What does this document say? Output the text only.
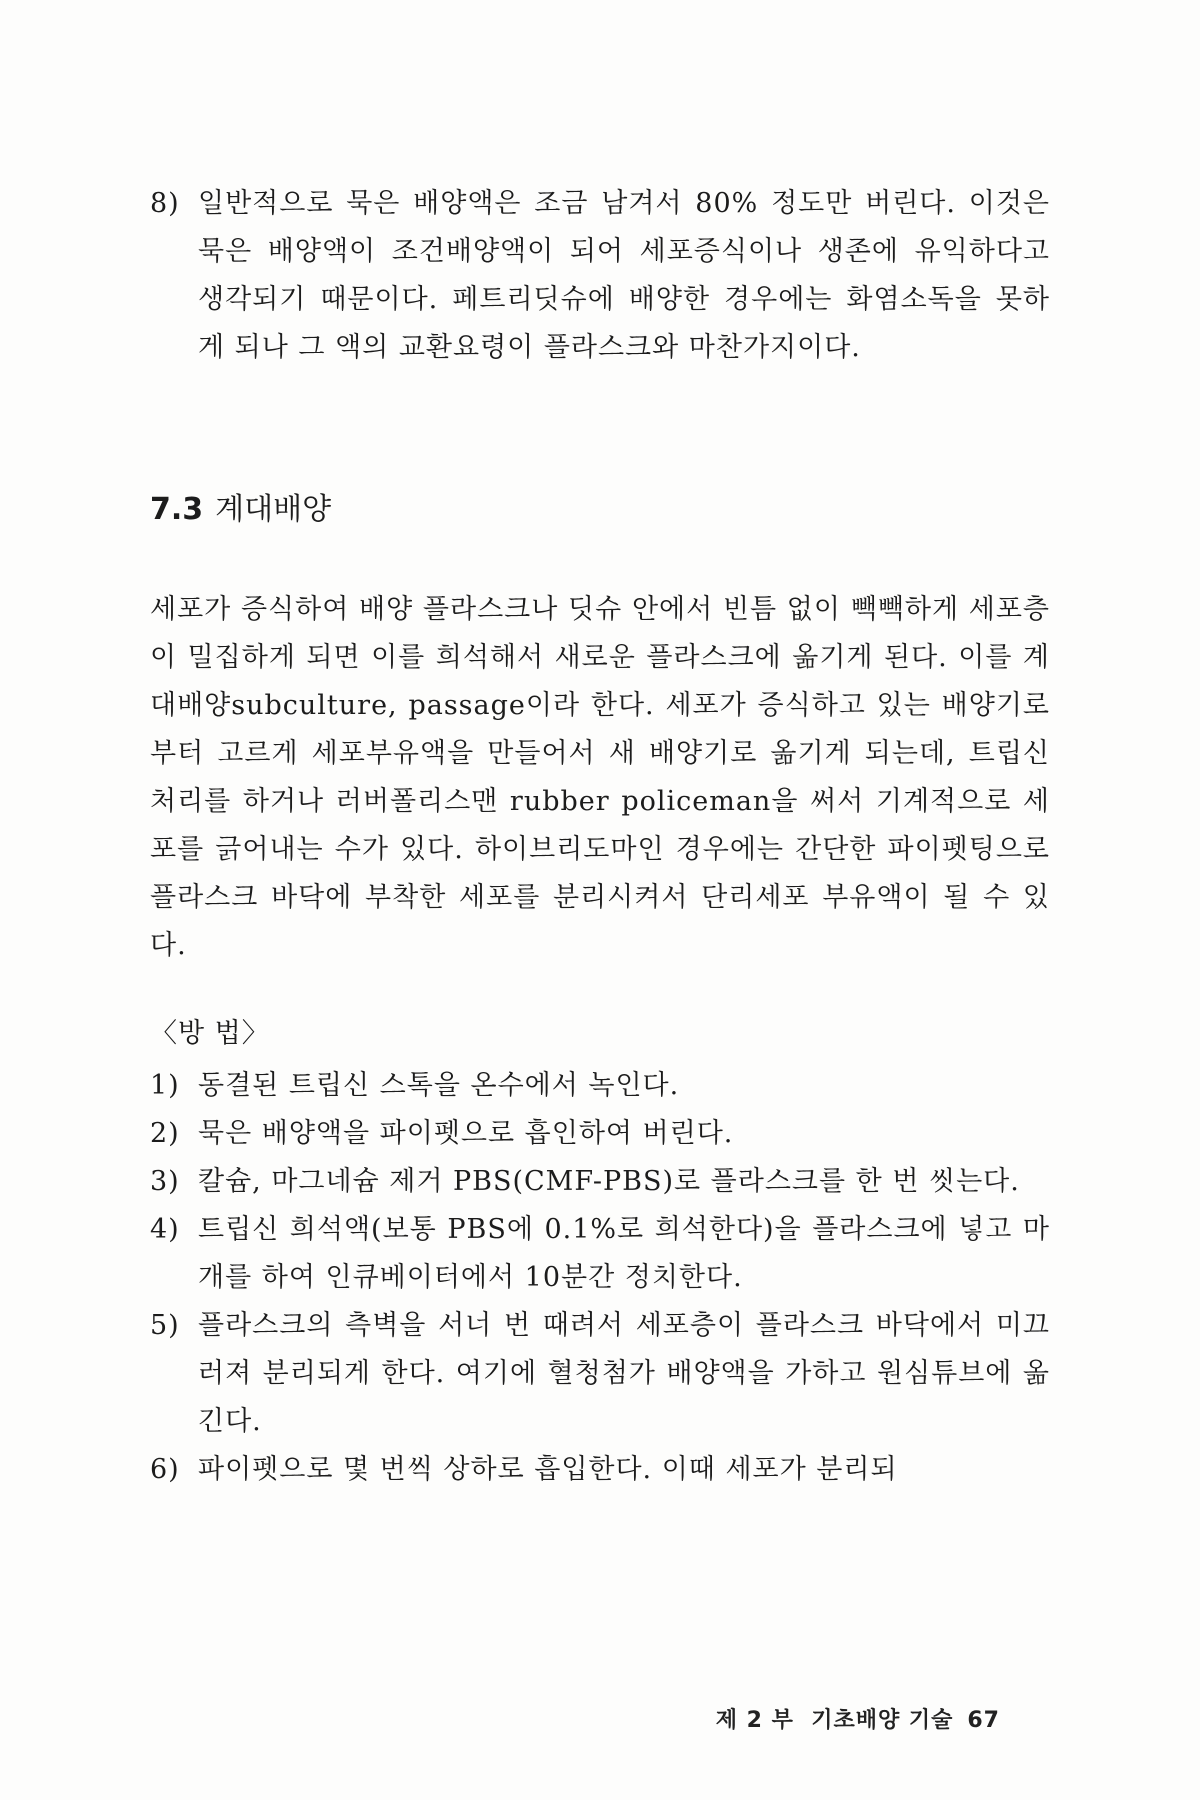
8) 일반적으로 묵은 배양액은 조금 남겨서 80% 정도만 버린다. 이것은 묵은 배양액이 조건배양액이 되어 세포증식이나 생존에 유익하다고 생각되기 때문이다. 페트리딧슈에 배양한 경우에는 화염소독을 못하게 되나 그 액의 교환요령이 플라스크와 마찬가지이다.
7.3 계대배양

세포가 증식하여 배양 플라스크나 딧슈 안에서 빈틈 없이 빽빽하게 세포층이 밀집하게 되면 이를 희석해서 새로운 플라스크에 옮기게 된다. 이를 계대배양subculture, passage이라 한다. 세포가 증식하고 있는 배양기로부터 고르게 세포부유액을 만들어서 새 배양기로 옮기게 되는데, 트립신 처리를 하거나 러버폴리스맨 rubber policeman을 써서 기계적으로 세포를 긁어내는 수가 있다. 하이브리도마인 경우에는 간단한 파이펫팅으로 플라스크 바닥에 부착한 세포를 분리시켜서 단리세포 부유액이 될 수 있다.

〈방 법〉
1) 동결된 트립신 스톡을 온수에서 녹인다.
2) 묵은 배양액을 파이펫으로 흡인하여 버린다.
3) 칼슘, 마그네슘 제거 PBS(CMF-PBS)로 플라스크를 한 번 씻는다.
4) 트립신 희석액(보통 PBS에 0.1%로 희석한다)을 플라스크에 넣고 마개를 하여 인큐베이터에서 10분간 정치한다.
5) 플라스크의 측벽을 서너 번 때려서 세포층이 플라스크 바닥에서 미끄러져 분리되게 한다. 여기에 혈청첨가 배양액을 가하고 원심튜브에 옮긴다.
6) 파이펫으로 몇 번씩 상하로 흡입한다. 이때 세포가 분리되
제 2 부  기초배양 기술 67
